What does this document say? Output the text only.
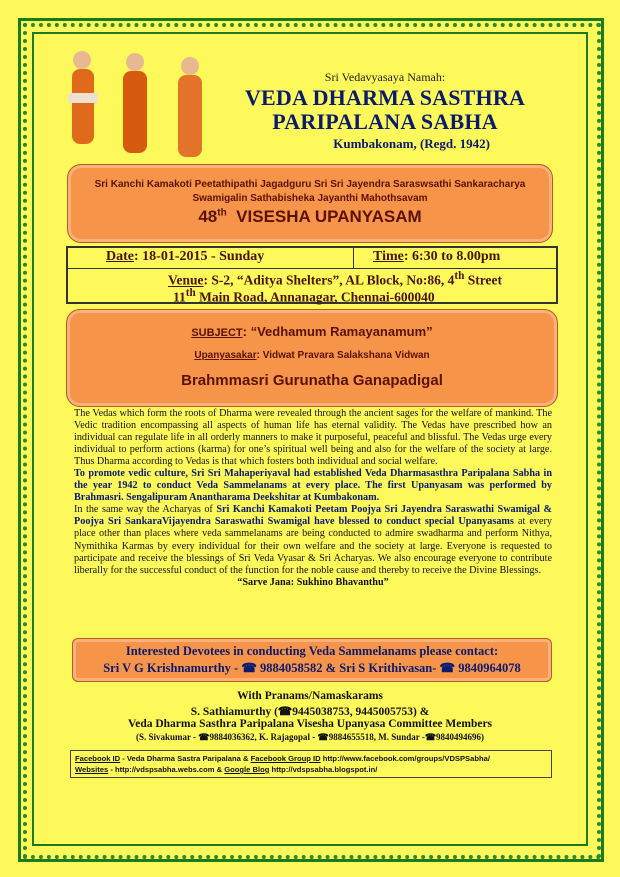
Sri Vedavyasaya Namah:
VEDA DHARMA SASTHRA
PARIPALANA SABHA
Kumbakonam, (Regd. 1942)
Sri Kanchi Kamakoti Peetathipathi Jagadguru Sri Sri Jayendra Saraswsathi Sankaracharya
Swamigalin Sathabisheka Jayanthi Mahothsavam
48th VISESHA UPANYASAM
Date: 18-01-2015 - Sunday	Time: 6:30 to 8.00pm
Venue: S-2, “Aditya Shelters”, AL Block, No:86, 4th Street
11th Main Road, Annanagar, Chennai-600040
SUBJECT: “Vedhamum Ramayanamum”
Upanyasakar: Vidwat Pravara Salakshana Vidwan
Brahmmasri Gurunatha Ganapadigal

The Vedas which form the roots of Dharma were revealed through the ancient sages for the welfare of mankind. The Vedic tradition encompassing all aspects of human life has eternal validity. The Vedas have prescribed how an individual can regulate life in all orderly manners to make it purposeful, peaceful and blissful. The Vedas urge every individual to perform actions (karma) for one’s spiritual well being and also for the welfare of the society at large. Thus Dharma according to Vedas is that which fosters both individual and social welfare.

To promote vedic culture, Sri Sri Mahaperiyaval had established Veda Dharmasasthra Paripalana Sabha in the year 1942 to conduct Veda Sammelanams at every place. The first Upanyasam was performed by Brahmasri. Sengalipuram Anantharama Deekshitar at Kumbakonam.

In the same way the Acharyas of Sri Kanchi Kamakoti Peetam Poojya Sri Jayendra Saraswathi Swamigal & Poojya Sri SankaraVijayendra Saraswathi Swamigal have blessed to conduct special Upanyasams at every place other than places where veda sammelanams are being conducted to admire swadharma and perform Nithya, Nymithika Karmas by every individual for their own welfare and the society at large. Everyone is requested to participate and receive the blessings of Sri Veda Vyasar & Sri Acharyas. We also encourage everyone to contribute liberally for the successful conduct of the function for the noble cause and thereby to receive the Divine Blessings.

“Sarve Jana: Sukhino Bhavanthu”

Interested Devotees in conducting Veda Sammelanams please contact:
Sri V G Krishnamurthy - ☎ 9884058582 & Sri S Krithivasan- ☎ 9840964078
With Pranams/Namaskarams
S. Sathiamurthy (☎9445038753, 9445005753) &
Veda Dharma Sasthra Paripalana Visesha Upanyasa Committee Members
(S. Sivakumar - ☎9884036362, K. Rajagopal - ☎9884655518, M. Sundar -☎9840494696)
Facebook ID - Veda Dharma Sastra Paripalana & Facebook Group ID http://www.facebook.com/groups/VDSPSabha/
Websites - http://vdspsabha.webs.com & Google Blog http://vdspsabha.blogspot.in/
